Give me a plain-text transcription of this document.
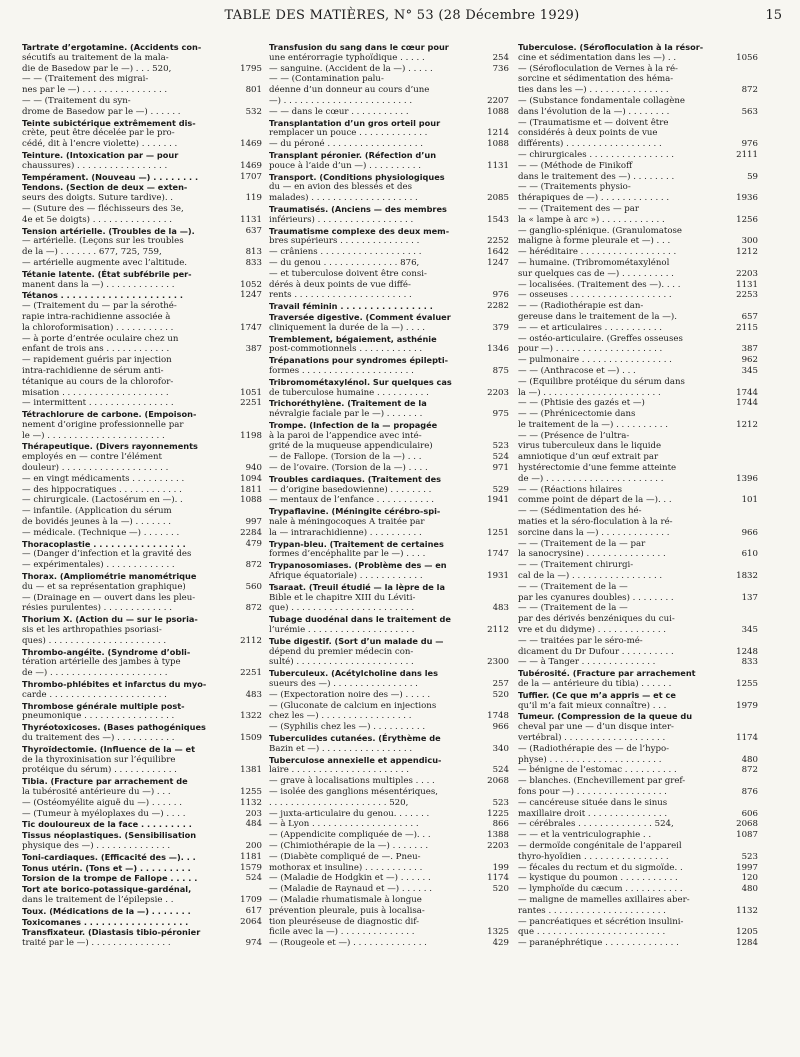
TABLE DES MATIÈRES, N° 53 (28 Décembre 1929)	15
Tartrate d’ergotamine. (Accidents con-
sécutifs au traitement de la mala-
die de Basedow par le —) . . . 520,	1795
— — (Traitement des migrai-
nes par le —) . . . . . . . . . . . . . . . .	801
— — (Traitement du syn-
drome de Basedow par le —) . . . . . .	532
Teinte subictérique extrêmement dis-
crète, peut être décelée par le pro-
cédé, dit à l’encre violette) . . . . . . .	1469
Teinture. (Intoxication par — pour
chaussures) . . . . . . . . . . . . . . . . .	1469
Tempérament. (Nouveau —) . . . . . . . .	1707
Tendons. (Section de deux — exten-
seurs des doigts. Suture tardive). .	119
— (Suture des — fléchisseurs des 3e,
4e et 5e doigts) . . . . . . . . . . . . . . .	1131
Tension artérielle. (Troubles de la —).	637
— artérielle. (Leçons sur les troubles
de la —) . . . . . . . 677, 725, 759,	813
— artérielle augmente avec l’altitude.	833
Tétanie latente. (État subfébrile per-
manent dans la —) . . . . . . . . . . . . .	1052
Tétanos . . . . . . . . . . . . . . . . . . . . .	1247
— (Traitement du — par la sérothé-
rapie intra-rachidienne associée à
la chloroformisation) . . . . . . . . . . .	1747
— à porte d’entrée oculaire chez un
enfant de trois ans . . . . . . . . . . . .	387
— rapidement guéris par injection
intra-rachidienne de sérum anti-
tétanique au cours de la chlorofor-
misation . . . . . . . . . . . . . . . . . . . .	1051
— intermittent . . . . . . . . . . . . . . . .	2251
Tétrachlorure de carbone. (Empoison-
nement d’origine professionnelle par
le —) . . . . . . . . . . . . . . . . . . . . . .	1198
Thérapeutique. (Divers rayonnements
employés en — contre l’élément
douleur) . . . . . . . . . . . . . . . . . . . .	940
— en vingt médicaments . . . . . . . . . .	1094
— des hippocratiques . . . . . . . . . . . .	1811
— chirurgicale. (Lactosérum en —). .	1088
— infantile. (Application du sérum
de bovidés jeunes à la —) . . . . . . .	997
— médicale. (Technique —) . . . . . . .	2284
Thoracoplastie . . . . . . . . . . . . . . . .	479
— (Danger d’infection et la gravité des
— expérimentales) . . . . . . . . . . . . .	872
Thorax. (Ampliométrie manométrique
du — et sa représentation graphique)	560
— (Drainage en — ouvert dans les pleu-
résies purulentes) . . . . . . . . . . . . .	872
Thorium X. (Action du — sur le psoria-
sis et les arthropathies psoriasi-
ques) . . . . . . . . . . . . . . . . . . . . . .	2112
Thrombo-angéite. (Syndrome d’obli-
tération artérielle des jambes à type
de —) . . . . . . . . . . . . . . . . . . . . . .	2251
Thrombo-phlébites et infarctus du myo-
carde . . . . . . . . . . . . . . . . . . . . . .	483
Thrombose générale multiple post-
pneumonique . . . . . . . . . . . . . . . . .	1322
Thyréotoxicoses. (Bases pathogéniques
du traitement des —) . . . . . . . . . . .	1509
Thyroïdectomie. (Influence de la — et
de la thyroxinisation sur l’équilibre
protéique du sérum) . . . . . . . . . . . .	1381
Tibia. (Fracture par arrachement de
la tubérosité antérieure du —) . . .	1255
— (Ostéomyélite aiguë du —) . . . . . .	1132
— (Tumeur à myéloplaxes du —) . . . .	203
Tic douloureux de la face . . . . . . . . .	484
Tissus néoplastiques. (Sensibilisation
physique des —) . . . . . . . . . . . . . .	200
Toni-cardiaques. (Efficacité des —). . .	1181
Tonus utérin. (Tons et —) . . . . . . . . .	1579
Torsion de la trompe de Fallope . . . . .	524
Tort ate borico-potassique-gardénal,
dans le traitement de l’épilepsie . .	1709
Toux. (Médications de la —) . . . . . . .	617
Toxicomanes . . . . . . . . . . . . . . . . . .	2064
Transfixateur. (Diastasis tibio-péronier
traité par le —) . . . . . . . . . . . . . . .	974
Transfusion du sang dans le cœur pour
une entérorragie typhoïdique . . . . .	254
— sanguine. (Accident de la —) . . . . .	736
— — (Contamination palu-
déenne d’un donneur au cours d’une
—) . . . . . . . . . . . . . . . . . . . . . . . .	2207
— — dans le cœur . . . . . . . . . . .	1088
Transplantation d’un gros orteil pour
remplacer un pouce . . . . . . . . . . . . .	1214
— du péroné . . . . . . . . . . . . . . . . . .	1088
Transplant péronier. (Réfection d’un
pouce à l’aide d’un —) . . . . . . . . . .	1131
Transport. (Conditions physiologiques
du — en avion des blessés et des
malades) . . . . . . . . . . . . . . . . . . . .	2085
Traumatisés. (Anciens — des membres
inférieurs) . . . . . . . . . . . . . . . . . .	1543
Traumatisme complexe des deux mem-
bres supérieurs . . . . . . . . . . . . . . .	2252
— crâniens . . . . . . . . . . . . . . . . . . .	1642
— du genou . . . . . . . . . . . . . . 876,	1247
— et tuberculose doivent être consi-
dérés à deux points de vue diffé-
rents . . . . . . . . . . . . . . . . . . . . . .	976
Travail féminin . . . . . . . . . . . . . . . .	2282
Traversée digestive. (Comment évaluer
cliniquement la durée de la —) . . . .	379
Tremblement, bégaiement, asthénie
post-commotionnels . . . . . . . . . . . .	1346
Trépanations pour syndromes épilepti-
formes . . . . . . . . . . . . . . . . . . . . .	875
Tribromométaxylénol. Sur quelques cas
de tuberculose humaine . . . . . . . . . .	2203
Trichoréthylène. (Traitement de la
névralgie faciale par le —) . . . . . . .	975
Trompe. (Infection de la — propagée
à la paroi de l’appendice avec inté-
grité de la muqueuse appendiculaire)	523
— de Fallope. (Torsion de la —) . . .	524
— de l’ovaire. (Torsion de la —) . . . .	971
Troubles cardiaques. (Traitement des
— d’origine basedowienne) . . . . . . . .	529
— mentaux de l’enfance . . . . . . . . . . .	1941
Trypaflavine. (Méningite cérébro-spi-
nale à méningocoques A traitée par
la — intrarachidienne) . . . . . . . . . .	1251
Trypan-bleu. (Traitement de certaines
formes d’encéphalite par le —) . . . .	1747
Trypanosomiases. (Problème des — en
Afrique équatoriale) . . . . . . . . . . . .	1931
Tsaraat. (Treuil étudié — la lèpre de la
Bible et le chapitre XIII du Léviti-
que) . . . . . . . . . . . . . . . . . . . . . . .	483
Tubage duodénal dans le traitement de
l’urémie . . . . . . . . . . . . . . . . . . . .	2112
Tube digestif. (Sort d’un malade du —
dépend du premier médecin con-
sulté) . . . . . . . . . . . . . . . . . . . . . .	2300
Tuberculeux. (Acétylcholine dans les
sueurs des —) . . . . . . . . . . . . . . . .	257
— (Expectoration noire des —) . . . . .	520
— (Gluconate de calcium en injections
chez les —) . . . . . . . . . . . . . . . . .	1748
— (Syphilis chez les —) . . . . . . . . . .	966
Tuberculides cutanées. (Érythème de
Bazin et —) . . . . . . . . . . . . . . . . .	340
Tuberculose annexielle et appendicu-
laire . . . . . . . . . . . . . . . . . . . . . .	524
— grave à localisations multiples . . . .	2068
— isolée des ganglions mésentériques,
. . . . . . . . . . . . . . . . . . . . . . 520,	523
— juxta-articulaire du genou. . . . . . .	1225
— à Lyon . . . . . . . . . . . . . . . . . . . .	866
— (Appendicite compliquée de —). . .	1388
— (Chimiothérapie de la —) . . . . . . .	2203
— (Diabète compliqué de —. Pneu-
mothorax et insuline) . . . . . . . . . . .	199
— (Maladie de Hodgkin et —) . . . . . .	1174
— (Maladie de Raynaud et —) . . . . . .	520
— (Maladie rhumatismale à longue
prévention pleurale, puis à localisa-
tion pleuréseuse de diagnostic dif-
ficile avec la —) . . . . . . . . . . . . . .	1325
— (Rougeole et —) . . . . . . . . . . . . . .	429
Tuberculose. (Sérofloculation à la résor-
cine et sédimentation dans les —) . .	1056
— (Sérofloculation de Vernes à la ré-
sorcine et sédimentation des héma-
ties dans les —) . . . . . . . . . . . . . . .	872
— (Substance fondamentale collagène
dans l’évolution de la —) . . . . . . . .	563
— (Traumatisme et — doivent être
considérés à deux points de vue
différents) . . . . . . . . . . . . . . . . . .	976
— chirurgicales . . . . . . . . . . . . . . . .	2111
— — (Méthode de Finikoff
dans le traitement des —) . . . . . . . .	59
— — (Traitements physio-
thérapiques de —) . . . . . . . . . . . . .	1936
— — (Traitement des — par
la « lampe à arc ») . . . . . . . . . . . .	1256
— ganglio-splénique. (Granulomatose
maligne à forme pleurale et —) . . .	300
— héréditaire . . . . . . . . . . . . . . . . . .	1212
— humaine. (Tribromométaxylénol
sur quelques cas de —) . . . . . . . . . .	2203
— localisées. (Traitement des —). . . .	1131
— osseuses . . . . . . . . . . . . . . . . . . .	2253
— — (Radiothérapie est dan-
gereuse dans le traitement de la —).	657
— — et articulaires . . . . . . . . . . .	2115
— ostéo-articulaire. (Greffes osseuses
pour —) . . . . . . . . . . . . . . . . . . . .	387
— pulmonaire . . . . . . . . . . . . . . . . .	962
— — (Anthracose et —) . . .	345
— (Équilibre protéique du sérum dans
la —) . . . . . . . . . . . . . . . . . . . . . .	1744
— — (Phtisie des gazés et —)	1744
— — (Phrénicectomie dans
le traitement de la —) . . . . . . . . . .	1212
— — (Présence de l’ultra-
virus tuberculeux dans le liquide
amniotique d’un œuf extrait par
hystérectomie d’une femme atteinte
de —) . . . . . . . . . . . . . . . . . . . . . .	1396
— — (Réactions hilaires
comme point de départ de la —). . .	101
— — (Sédimentation des hé-
maties et la séro-floculation à la ré-
sorcine dans la —) . . . . . . . . . . . . .	966
— — (Traitement de la — par
la sanocrysine) . . . . . . . . . . . . . . .	610
— — (Traitement chirurgi-
cal de la —) . . . . . . . . . . . . . . . . .	1832
— — (Traitement de la —
par les cyanures doubles) . . . . . . . .	137
— — (Traitement de la —
par des dérivés benzéniques du cui-
vre et du didyme) . . . . . . . . . . . . .	345
— — traitées par le séro-mé-
dicament du Dr Dufour . . . . . . . . . .	1248
— — à Tanger . . . . . . . . . . . . . .	833
Tubérosité. (Fracture par arrachement
de la — antérieure du tibia) . . . . . .	1255
Tuffier. (Ce que m’a appris — et ce
qu’il m’a fait mieux connaître) . . .	1979
Tumeur. (Compression de la queue du
cheval par une — d’un disque inter-
vertébral) . . . . . . . . . . . . . . . . . . .	1174
— (Radiothérapie des — de l’hypo-
physe) . . . . . . . . . . . . . . . . . . . . .	480
— bénigne de l’estomac . . . . . . . . . .	872
— blanches. (Enchevillement par gref-
fons pour —) . . . . . . . . . . . . . . . . .	876
— cancéreuse située dans le sinus
maxillaire droit . . . . . . . . . . . . . . .	606
— cérébrales . . . . . . . . . . . . . . 524,	2068
— — et la ventriculographie . .	1087
— dermoïde congénitale de l’appareil
thyro-hyoïdien . . . . . . . . . . . . . . . .	523
— fécales du rectum et du sigmoïde. .	1997
— kystique du poumon . . . . . . . . . . .	120
— lymphoïde du cæcum . . . . . . . . . . .	480
— maligne de mamelles axillaires aber-
rantes . . . . . . . . . . . . . . . . . . . . . .	1132
— pancréatiques et sécrétion insulini-
que . . . . . . . . . . . . . . . . . . . . . . . .	1205
— paranéphrétique . . . . . . . . . . . . . .	1284
